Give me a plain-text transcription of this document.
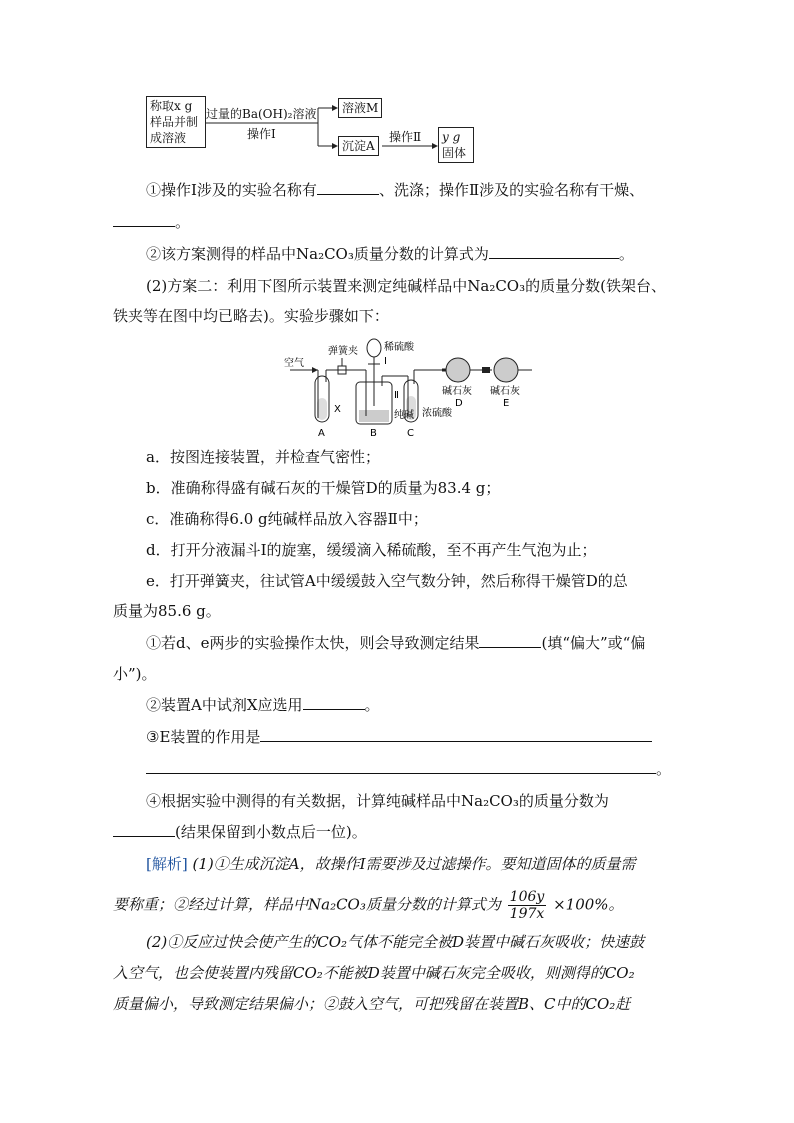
称取x g
样品并制
成溶液
过量的Ba(OH)₂溶液
操作Ⅰ
溶液M
沉淀A
操作Ⅱ y g
固体
①操作Ⅰ涉及的实验名称有	、洗涤；操作Ⅱ涉及的实验名称有干燥、
。
②该方案测得的样品中Na₂CO₃质量分数的计算式为	。
(2)方案二：利用下图所示装置来测定纯碱样品中Na₂CO₃的质量分数(铁架台、
铁夹等在图中均已略去)。实验步骤如下：
空气
弹簧夹	稀硫酸
Ⅰ
Ⅱ
X
纯碱 浓硫酸
碱石灰
D
碱石灰
E
A	B	C
a．按图连接装置，并检查气密性；
b．准确称得盛有碱石灰的干燥管D的质量为83.4 g；
c．准确称得6.0 g纯碱样品放入容器Ⅱ中；
d．打开分液漏斗Ⅰ的旋塞，缓缓滴入稀硫酸，至不再产生气泡为止；
e．打开弹簧夹，往试管A中缓缓鼓入空气数分钟，然后称得干燥管D的总
质量为85.6 g。
①若d、e两步的实验操作太快，则会导致测定结果	(填“偏大”或“偏
小”)。
②装置A中试剂X应选用	。
③E装置的作用是
。
④根据实验中测得的有关数据，计算纯碱样品中Na₂CO₃的质量分数为
(结果保留到小数点后一位)。
[解析] (1)①生成沉淀A，故操作Ⅰ需要涉及过滤操作。要知道固体的质量需
要称重；②经过计算，样品中Na₂CO₃质量分数的计算式为 $\frac{106y}{197x} \times 100\%$。
(2)①反应过快会使产生的CO₂气体不能完全被D装置中碱石灰吸收；快速鼓
入空气，也会使装置内残留CO₂不能被D装置中碱石灰完全吸收，则测得的CO₂
质量偏小，导致测定结果偏小；②鼓入空气，可把残留在装置B、C中的CO₂赶
